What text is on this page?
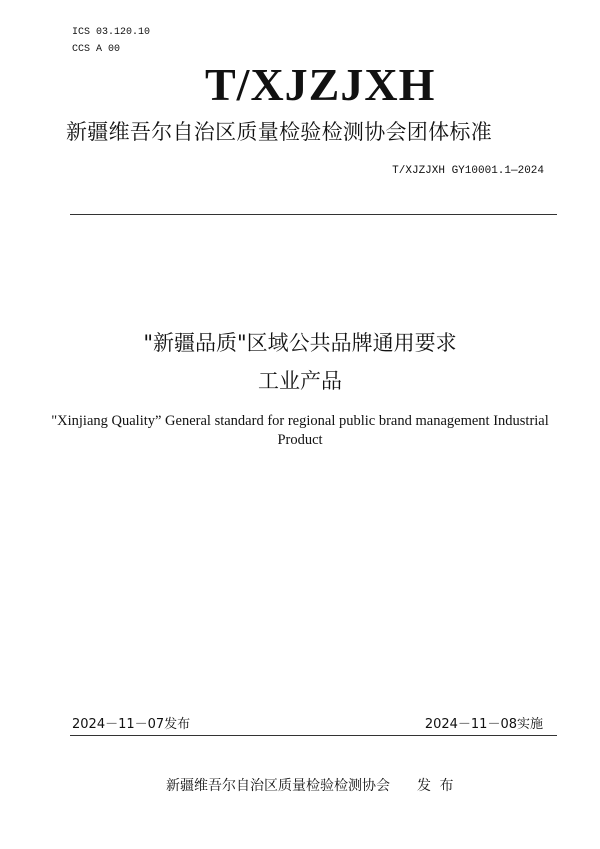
ICS 03.120.10
CCS A 00
T/XJZJXH
新疆维吾尔自治区质量检验检测协会团体标准
T/XJZJXH GY10001.1—2024
"新疆品质"区域公共品牌通用要求
工业产品
"Xinjiang Quality” General standard for regional public brand management Industrial
Product
2024－11－07发布	2024－11－08实施
新疆维吾尔自治区质量检验检测协会 发 布
